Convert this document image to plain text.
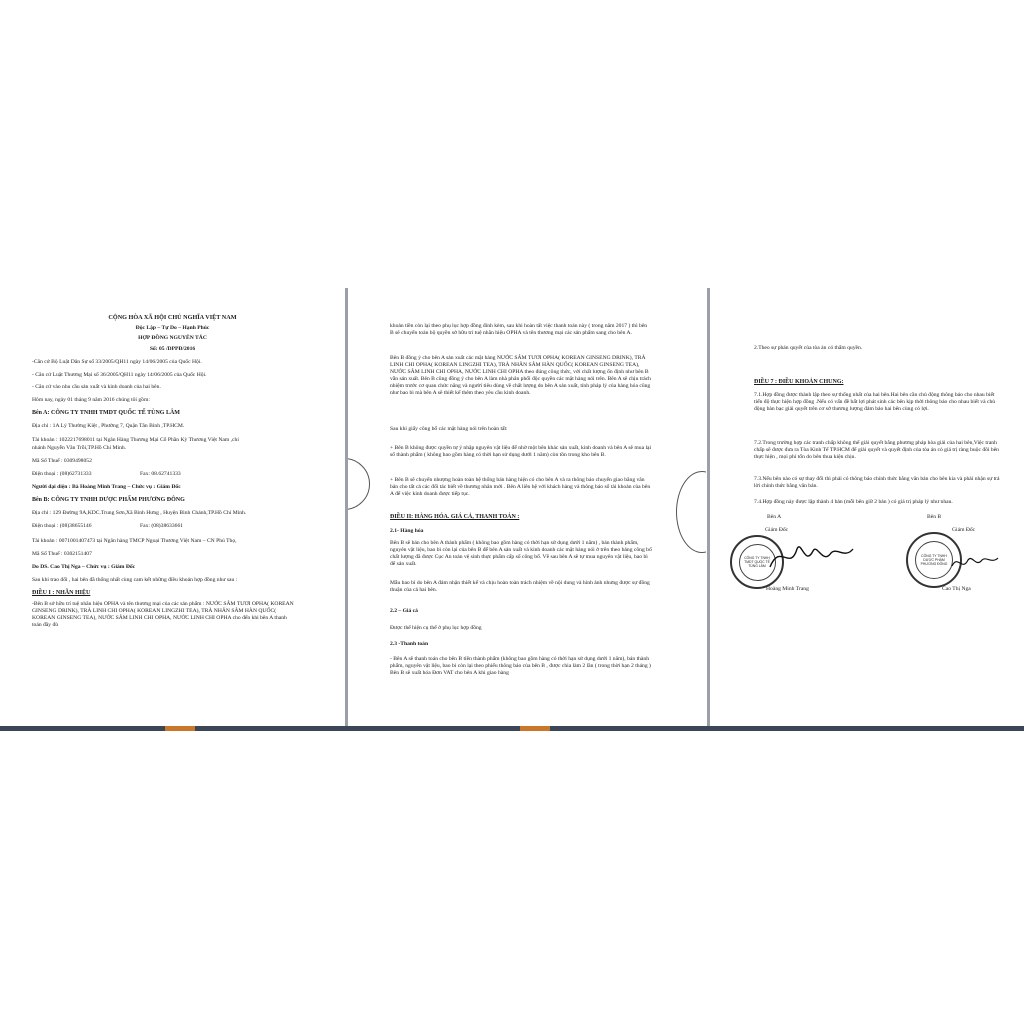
CỘNG HÒA XÃ HỘI CHỦ NGHĨA VIỆT NAM
Độc Lập – Tự Do – Hạnh Phúc
HỢP ĐỒNG NGUYÊN TẮC
Số: 05 /DPPĐ/2016
-Căn cứ Bộ Luật Dân Sự số 33/2005/QH11 ngày 14/06/2005 của Quốc Hội.
- Căn cứ Luật Thương Mại số 36/2005/QH11 ngày 14/06/2005 của Quốc Hội.
- Căn cứ vào nhu cầu sản xuất và kinh doanh của hai bên.
Hôm nay, ngày 01 tháng 9 năm 2016 chúng tôi gồm:
Bên A: CÔNG TY TNHH TMDT QUỐC TẾ TÙNG LÂM
Địa chỉ : 1A Lý Thường Kiệt , Phường 7, Quận Tân Bình ,TP.HCM.
Tài khoản : 102221769801​1 tại Ngân Hàng Thương Mại Cổ Phần Kỳ Thương Việt Nam ,chi
nhánh Nguyễn Văn Trỗi,TP.Hồ Chí Minh.
Mã Số Thuế : 0309498052
Điện thoại : (08)62731333	Fax: 08.62741333
Người đại diện : Bà Hoàng Minh Trang – Chức vụ : Giám Đốc
Bên B: CÔNG TY TNHH DƯỢC PHẨM PHƯƠNG ĐÔNG
Địa chỉ : 129 Đường 9A,KDC.Trung Sơn,Xã Bình Hưng , Huyện Bình Chánh,TP.Hồ Chí Minh.
Điện thoại : (08)38655146	Fax: (08)38633661
Tài khoản : 0071001407473 tại Ngân hàng TMCP Ngoại Thương Việt Nam – CN Phú Thọ,
Mã Số Thuế : 0302151407
Do DS. Cao Thị Nga – Chức vụ : Giám Đốc
Sau khi trao đổi , hai bên đã thống nhất cùng cam kết những điều khoản hợp đồng như sau :
ĐIỀU I : NHÃN HIỆU
-Bên B sở hữu trí tuệ nhãn hiệu OPHA và tên thương mại của các sản phẩm : NƯỚC SÂM TƯƠI OPHA( KOREAN GINSENG DRINK), TRÀ LINH CHI OPHA( KOREAN LINGZHI TEA), TRÀ NHÂN SÂM HÀN QUỐC( KOREAN GINSENG TEA), NƯỚC SÂM LINH CHI OPHA, NƯỚC LINH CHI OPHA cho đến khi bên A thanh toán đầy đủ
khoản tiền còn lại theo phụ lục hợp đồng đính kèm, sau khi hoàn tất việc thanh toán này ( trong năm 2017 ) thì bên B sẽ chuyển toàn bộ quyền sở hữu trí tuệ nhãn hiệu OPHA và tên thương mại các sản phẩm sang cho bên A.
Bên B đồng ý cho bên A sản xuất các mặt hàng NƯỚC SÂM TƯƠI OPHA( KOREAN GINSENG DRINK), TRÀ LINH CHI OPHA( KOREAN LINGZHI TEA), TRÀ NHÂN SÂM HÀN QUỐC( KOREAN GINSENG TEA), NƯỚC SÂM LINH CHI OPHA, NƯỚC LINH CHI OPHA theo đúng công thức, với chất lượng ổn định như bên B vẫn sản xuất. Bên B cũng đồng ý cho bên A làm nhà phân phối độc quyền các mặt hàng nói trên. Bên A sẽ chịu trách nhiệm trước cơ quan chức năng và người tiêu dùng về chất lượng do bên A sản xuất, tính pháp lý của hàng hóa cũng như bao bì mà bên A sẽ thiết kế thêm theo yêu cầu kinh doanh.
Sau khi giấy công bố các mặt hàng nói trên hoàn tất:
+ Bên B không được quyền tự ý nhập nguyên vật liệu để nhờ một bên khác sản xuất, kinh doanh và bên A sẽ mua lại số thành phẩm ( không bao gồm hàng có thời hạn sử dụng dưới 1 năm) còn tồn trong kho bên B.
+ Bên B sẽ chuyển nhượng hoàn toàn hệ thống bán hàng hiện có cho bên A và ra thông báo chuyển giao bằng văn bản cho tất cả các đối tác biết về thương nhân mới . Bên A liên hệ với khách hàng và thông báo số tài khoản của bên A để việc kinh doanh được tiếp tục.
ĐIỀU II: HÀNG HÓA. GIÁ CẢ, THANH TOÁN :
2.1- Hàng hóa
Bên B sẽ bán cho bên A thành phẩm ( không bao gồm hàng có thời hạn sử dụng dưới 1 năm) , bán thành phẩm, nguyên vật liệu, bao bì còn lại của bên B để bên A sản xuất và kinh doanh các mặt hàng nói ở trên theo bảng công bố chất lượng đã được Cục An toàn vệ sinh thực phẩm cấp số công bố. Về sau bên A sẽ tự mua nguyên vật liệu, bao bì để sản xuất.
Mẫu bao bì do bên A đảm nhận thiết kế và chịu hoàn toàn trách nhiệm về nội dung và hình ảnh nhưng được sự đồng thuận của cả hai bên.
2.2 – Giá cả
Được thể hiện cụ thể ở phụ lục hợp đồng
2.3 -Thanh toán
- Bên A sẽ thanh toán cho bên B tiền thành phẩm (không bao gồm hàng có thời hạn sử dụng dưới 1 năm), bán thành phẩm, nguyên vật liệu, bao bì còn lại theo phiếu thông báo của bên B , được chia làm 2 lần ( trong thời hạn 2 tháng ) Bên B sẽ xuất hóa Đơn VAT cho bên A khi giao hàng
2.Theo sự phán quyết của tòa án có thẩm quyền.
ĐIỀU 7 : ĐIỀU KHOẢN CHUNG:
7.1.Hợp đồng được thành lập theo sự thống nhất của hai bên.Hai bên cần chủ động thông báo cho nhau biết tiến độ thực hiện hợp đồng .Nếu có vấn đề bất lợi phát sinh các bên kịp thời thông báo cho nhau biết và chủ động bàn bạc giải quyết trên cơ sở thương lượng đảm bảo hai bên cùng có lợi.
7.2.Trong trường hợp các tranh chấp không thể giải quyết bằng phương pháp hòa giải của hai bên,Việc tranh chấp sẽ được đưa ra Tòa Kinh Tế TP.HCM để giải quyết và quyết định của tòa án có giá trị ràng buộc đôi bên thực hiện , mọi phí tổn do bên thua kiện chịu.
7.3.Nếu bên nào có sự thay đổi thì phải có thông báo chính thức bằng văn bản cho bên kia và phải nhận sự trả lời chính thức bằng văn bản.
7.4.Hợp đồng này được lập thành 4 bản (mỗi bên giữ 2 bản ) có giá trị pháp lý như nhau.
Bên A	Bên B
Giám Đốc	Giám Đốc
CÔNG TY TNHH TMDT QUỐC TẾ TÙNG LÂM
CÔNG TY TNHH DƯỢC PHẨM PHƯƠNG ĐÔNG
Hoàng Minh Trang	Cao Thị Nga
